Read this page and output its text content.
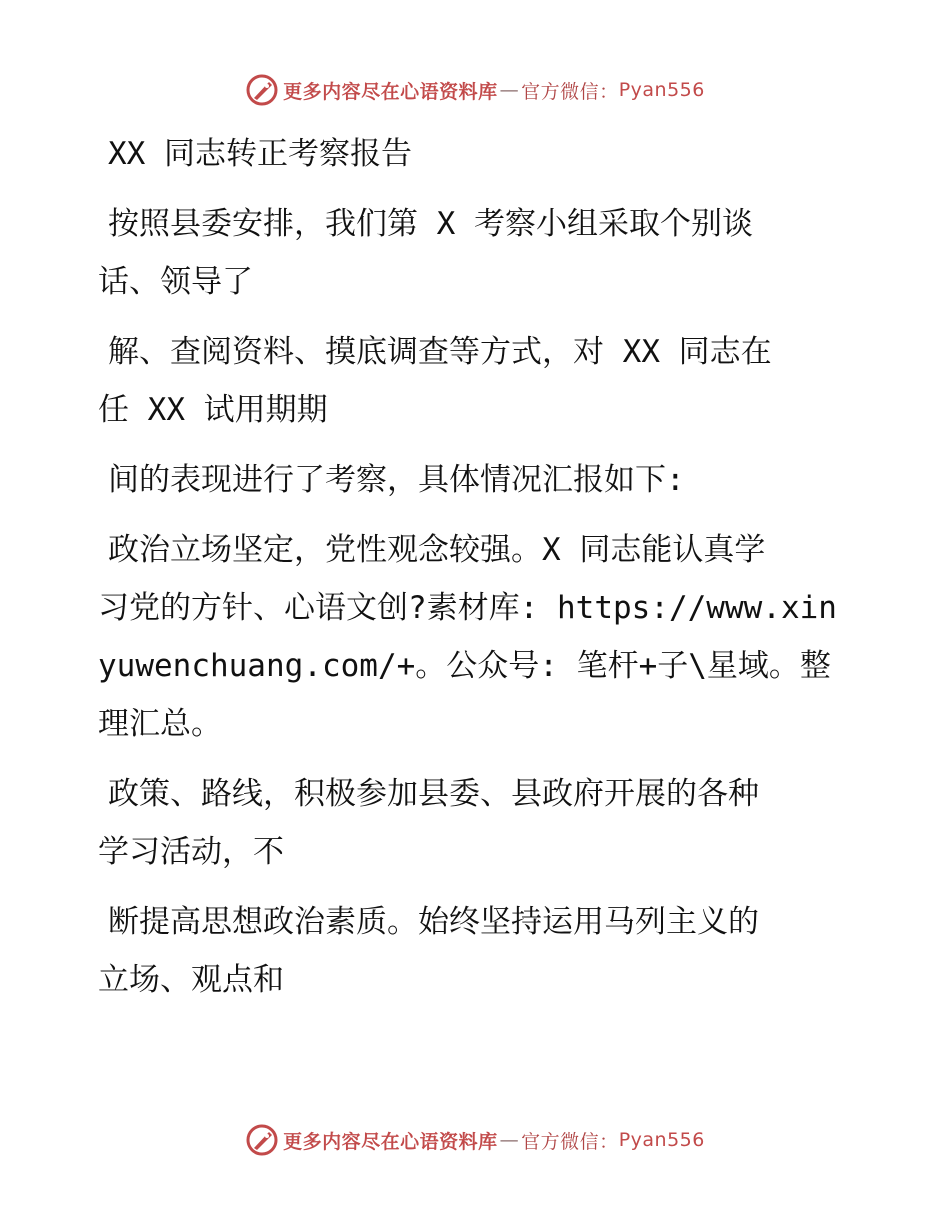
更多内容尽在心语资料库 — 官方微信： Pyan556

XX 同志转正考察报告

按照县委安排，我们第 X 考察小组采取个别谈

话、领导了

解、查阅资料、摸底调查等方式，对 XX 同志在

任 XX 试用期期

间的表现进行了考察，具体情况汇报如下:

政治立场坚定，党性观念较强。X 同志能认真学

习党的方针、心语文创?素材库: https://www.xin

yuwenchuang.com/+。公众号: 笔杆+子\星域。整

理汇总。

政策、路线，积极参加县委、县政府开展的各种

学习活动，不

断提高思想政治素质。始终坚持运用马列主义的

立场、观点和

更多内容尽在心语资料库 — 官方微信： Pyan556
